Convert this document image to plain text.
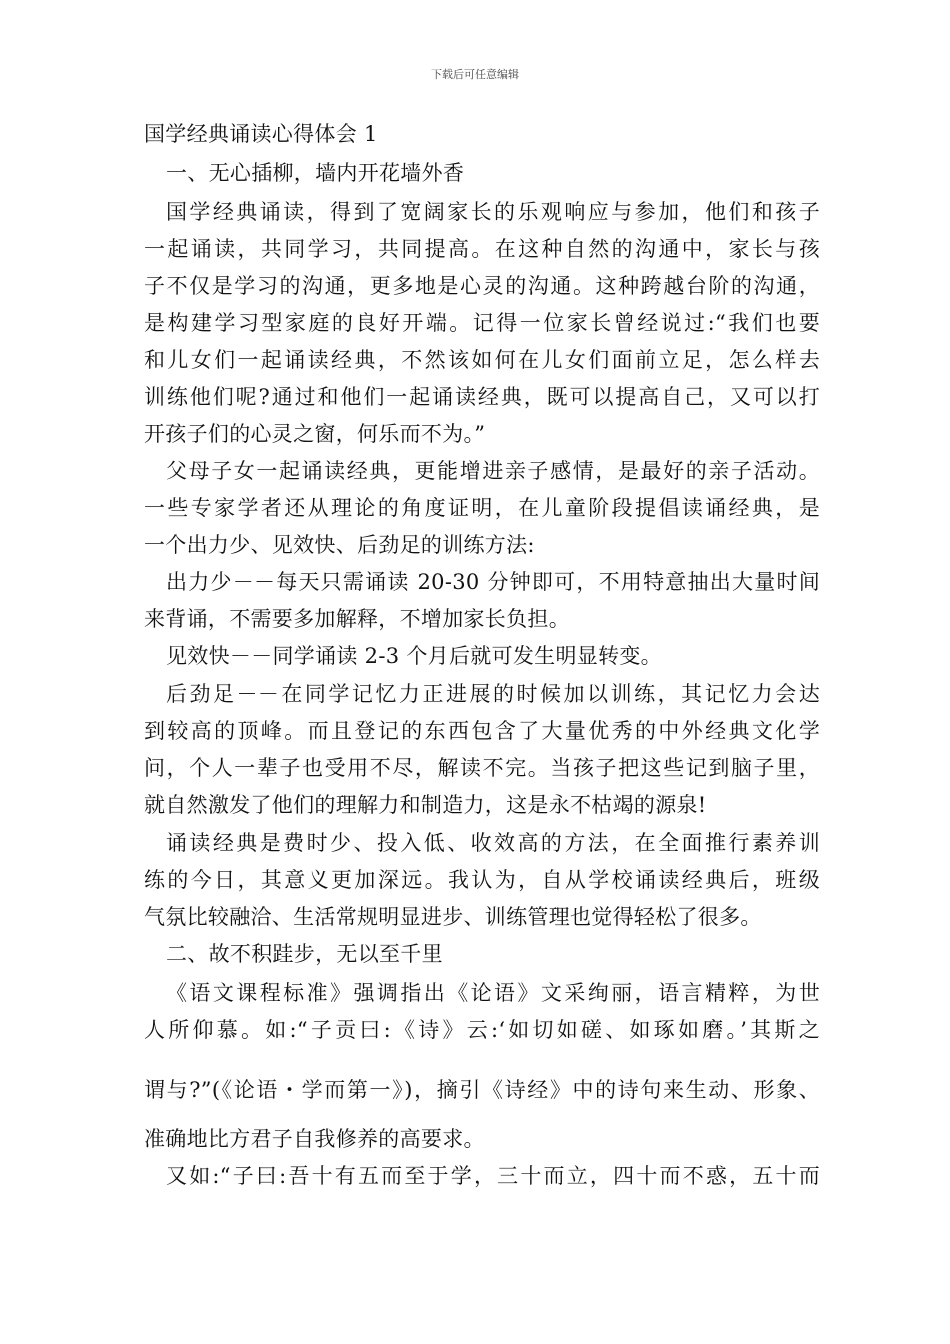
下载后可任意编辑
国学经典诵读心得体会 1
一、无心插柳，墙内开花墙外香
国学经典诵读，得到了宽阔家长的乐观响应与参加，他们和孩子
一起诵读，共同学习，共同提高。在这种自然的沟通中，家长与孩
子不仅是学习的沟通，更多地是心灵的沟通。这种跨越台阶的沟通，
是构建学习型家庭的良好开端。记得一位家长曾经说过:“我们也要
和儿女们一起诵读经典，不然该如何在儿女们面前立足，怎么样去
训练他们呢?通过和他们一起诵读经典，既可以提高自己，又可以打
开孩子们的心灵之窗，何乐而不为。”
父母子女一起诵读经典，更能增进亲子感情，是最好的亲子活动。
一些专家学者还从理论的角度证明，在儿童阶段提倡读诵经典，是
一个出力少、见效快、后劲足的训练方法:
出力少－－每天只需诵读 20-30 分钟即可，不用特意抽出大量时间
来背诵，不需要多加解释，不增加家长负担。
见效快－－同学诵读 2-3 个月后就可发生明显转变。
后劲足－－在同学记忆力正进展的时候加以训练，其记忆力会达
到较高的顶峰。而且登记的东西包含了大量优秀的中外经典文化学
问，个人一辈子也受用不尽，解读不完。当孩子把这些记到脑子里，
就自然激发了他们的理解力和制造力，这是永不枯竭的源泉!
诵读经典是费时少、投入低、收效高的方法，在全面推行素养训
练的今日，其意义更加深远。我认为，自从学校诵读经典后，班级
气氛比较融洽、生活常规明显进步、训练管理也觉得轻松了很多。
二、故不积跬步，无以至千里
《语文课程标准》强调指出《论语》文采绚丽，语言精粹，为世
人所仰慕。如:“子贡曰:《诗》云:‘如切如磋、如琢如磨。’其斯之
谓与?”(《论语・学而第一》)，摘引《诗经》中的诗句来生动、形象、
准确地比方君子自我修养的高要求。
又如:“子曰:吾十有五而至于学，三十而立，四十而不惑，五十而
